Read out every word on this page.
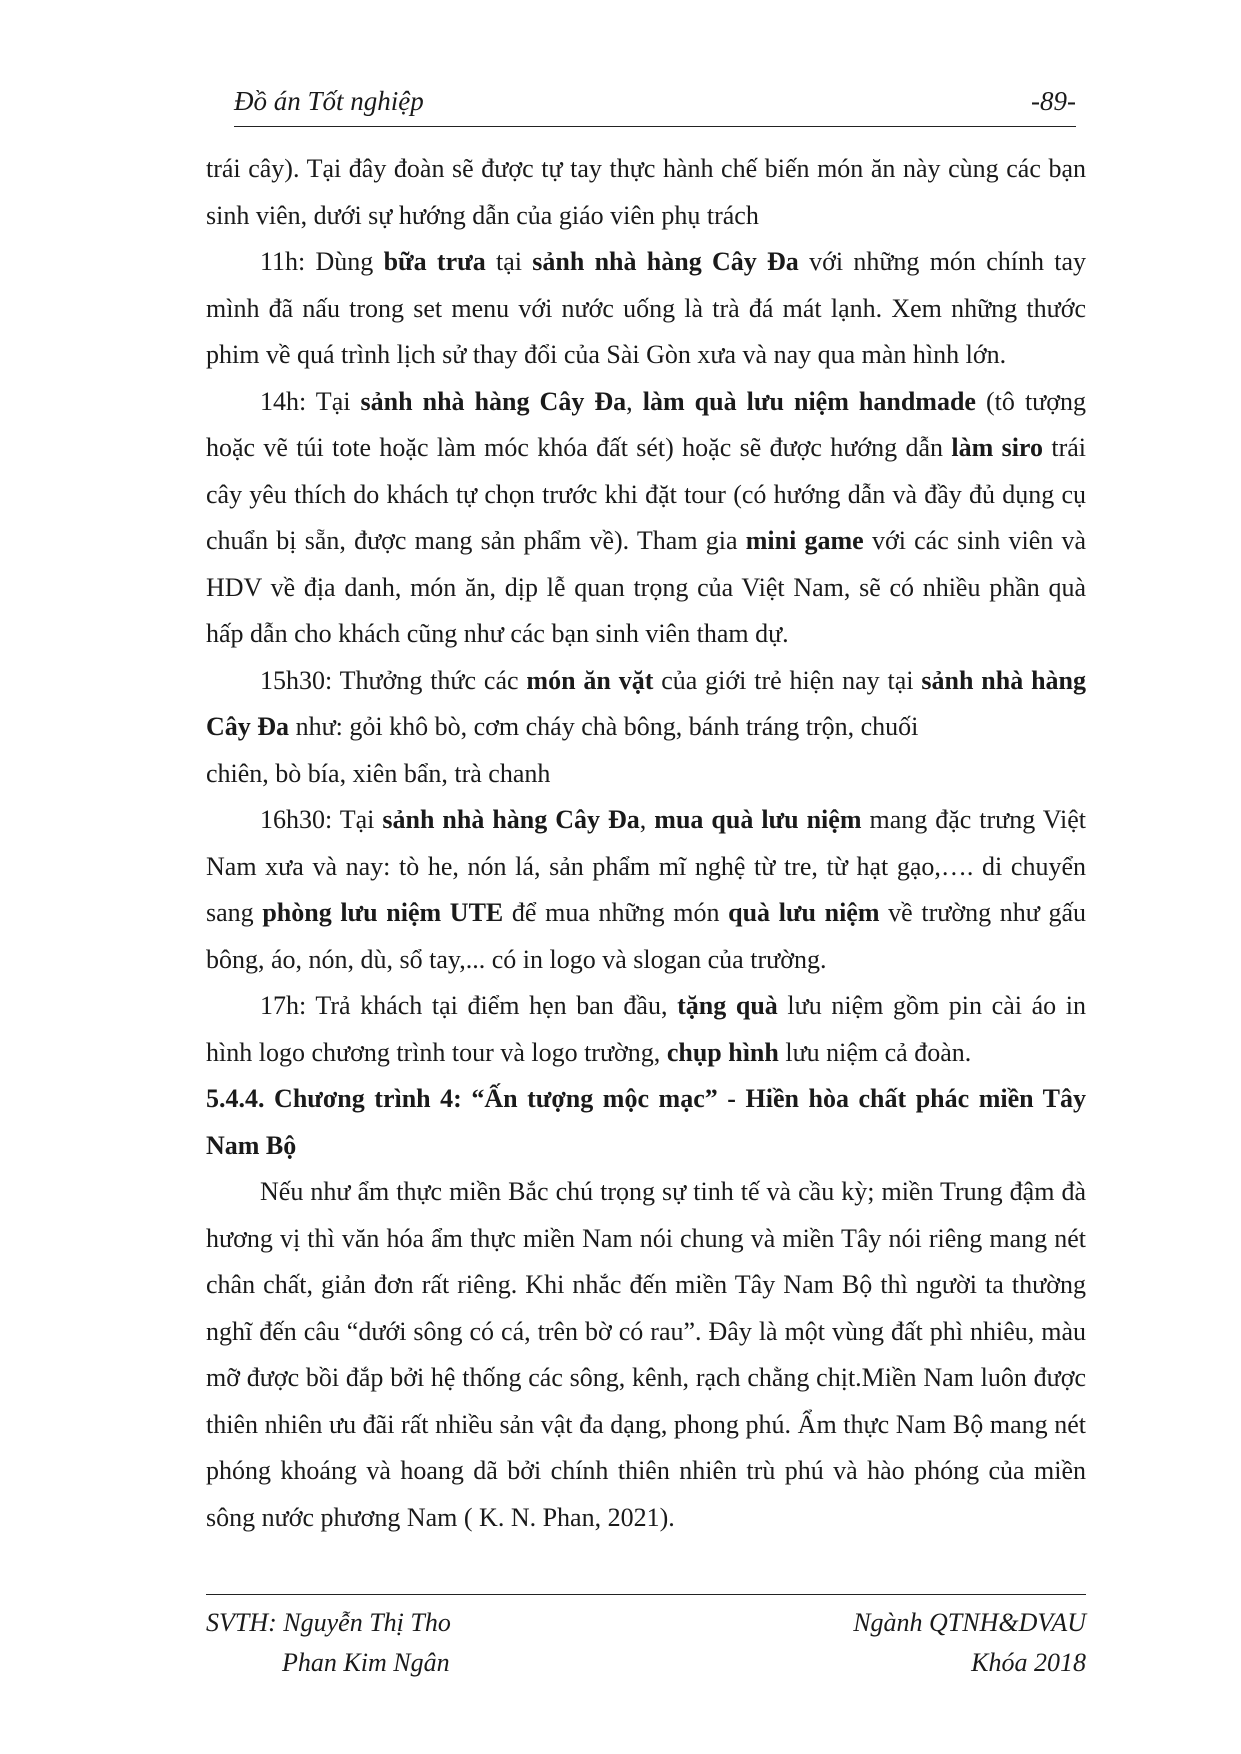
Đồ án Tốt nghiệp	-89-

trái cây). Tại đây đoàn sẽ được tự tay thực hành chế biến món ăn này cùng các bạn sinh viên, dưới sự hướng dẫn của giáo viên phụ trách

11h: Dùng bữa trưa tại sảnh nhà hàng Cây Đa với những món chính tay mình đã nấu trong set menu với nước uống là trà đá mát lạnh. Xem những thước phim về quá trình lịch sử thay đổi của Sài Gòn xưa và nay qua màn hình lớn.

14h: Tại sảnh nhà hàng Cây Đa, làm quà lưu niệm handmade (tô tượng hoặc vẽ túi tote hoặc làm móc khóa đất sét) hoặc sẽ được hướng dẫn làm siro trái cây yêu thích do khách tự chọn trước khi đặt tour (có hướng dẫn và đầy đủ dụng cụ chuẩn bị sẵn, được mang sản phẩm về). Tham gia mini game với các sinh viên và HDV về địa danh, món ăn, dịp lễ quan trọng của Việt Nam, sẽ có nhiều phần quà hấp dẫn cho khách cũng như các bạn sinh viên tham dự.

15h30: Thưởng thức các món ăn vặt của giới trẻ hiện nay tại sảnh nhà hàng Cây Đa như: gỏi khô bò, cơm cháy chà bông, bánh tráng trộn, chuối
chiên, bò bía, xiên bẩn, trà chanh

16h30: Tại sảnh nhà hàng Cây Đa, mua quà lưu niệm mang đặc trưng Việt Nam xưa và nay: tò he, nón lá, sản phẩm mĩ nghệ từ tre, từ hạt gạo,…. di chuyển sang phòng lưu niệm UTE để mua những món quà lưu niệm về trường như gấu bông, áo, nón, dù, sổ tay,... có in logo và slogan của trường.

17h: Trả khách tại điểm hẹn ban đầu, tặng quà lưu niệm gồm pin cài áo in hình logo chương trình tour và logo trường, chụp hình lưu niệm cả đoàn.

5.4.4. Chương trình 4: “Ấn tượng mộc mạc” - Hiền hòa chất phác miền Tây Nam Bộ

Nếu như ẩm thực miền Bắc chú trọng sự tinh tế và cầu kỳ; miền Trung đậm đà hương vị thì văn hóa ẩm thực miền Nam nói chung và miền Tây nói riêng mang nét chân chất, giản đơn rất riêng. Khi nhắc đến miền Tây Nam Bộ thì người ta thường nghĩ đến câu “dưới sông có cá, trên bờ có rau”. Đây là một vùng đất phì nhiêu, màu mỡ được bồi đắp bởi hệ thống các sông, kênh, rạch chằng chịt.Miền Nam luôn được thiên nhiên ưu đãi rất nhiều sản vật đa dạng, phong phú. Ẩm thực Nam Bộ mang nét phóng khoáng và hoang dã bởi chính thiên nhiên trù phú và hào phóng của miền sông nước phương Nam ( K. N. Phan, 2021).

SVTH: Nguyễn Thị Tho
Phan Kim Ngân
Ngành QTNH&DVAU
Khóa 2018
